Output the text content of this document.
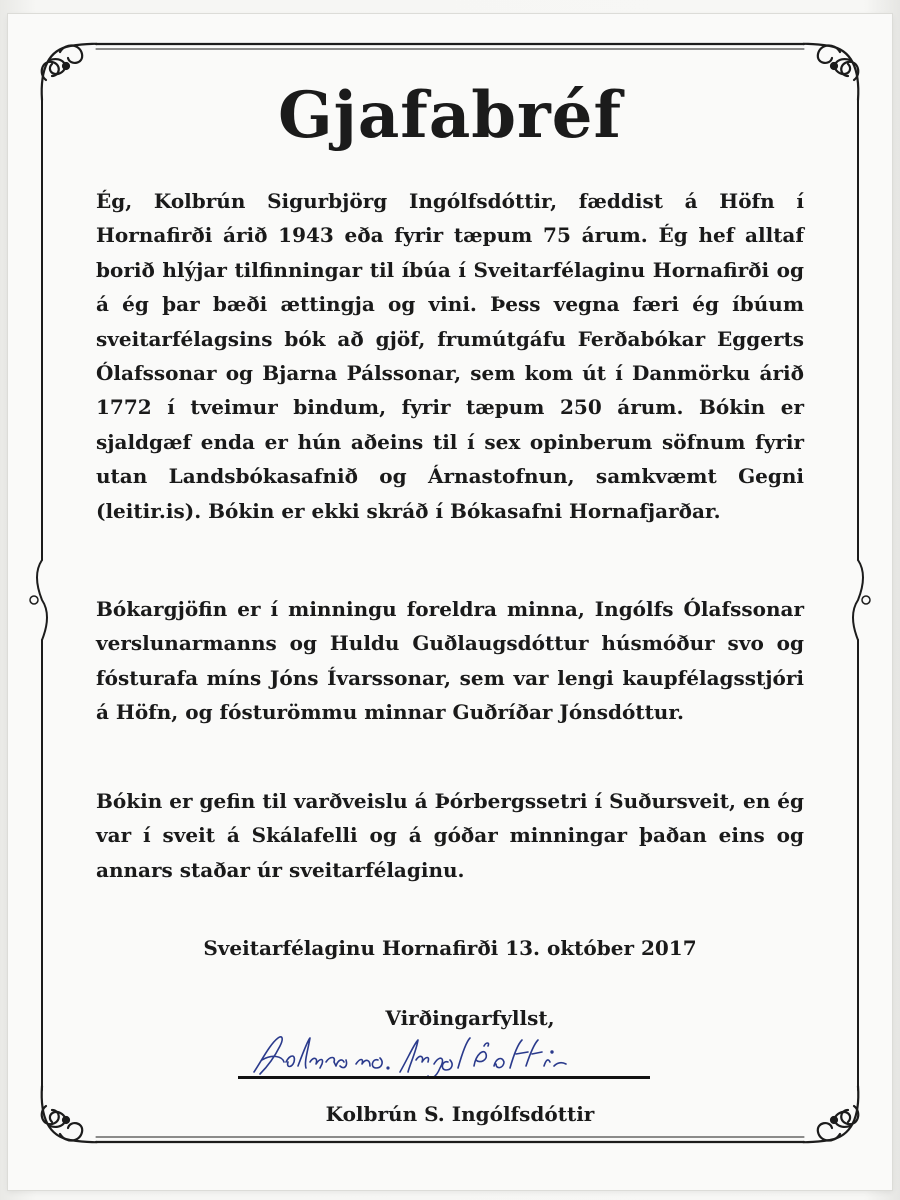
Gjafabréf
Ég, Kolbrún Sigurbjörg Ingólfsdóttir, fæddist á Höfn í Hornafirði árið 1943 eða fyrir tæpum 75 árum. Ég hef alltaf borið hlýjar tilfinningar til íbúa í Sveitarfélaginu Hornafirði og á ég þar bæði ættingja og vini. Þess vegna færi ég íbúum sveitarfélagsins bók að gjöf, frumútgáfu Ferðabókar Eggerts Ólafssonar og Bjarna Pálssonar, sem kom út í Danmörku árið 1772 í tveimur bindum, fyrir tæpum 250 árum. Bókin er sjaldgæf enda er hún aðeins til í sex opinberum söfnum fyrir utan Landsbókasafnið og Árnastofnun, samkvæmt Gegni (leitir.is). Bókin er ekki skráð í Bókasafni Hornafjarðar.
Bókargjöfin er í minningu foreldra minna, Ingólfs Ólafssonar verslunarmanns og Huldu Guðlaugsdóttur húsmóður svo og fósturafa míns Jóns Ívarssonar, sem var lengi kaupfélagsstjóri á Höfn, og fósturömmu minnar Guðríðar Jónsdóttur.
Bókin er gefin til varðveislu á Þórbergssetri í Suðursveit, en ég var í sveit á Skálafelli og á góðar minningar þaðan eins og annars staðar úr sveitarfélaginu.
Sveitarfélaginu Hornafirði 13. október 2017
Virðingarfyllst,
Kolbrún S. Ingólfsdóttir
